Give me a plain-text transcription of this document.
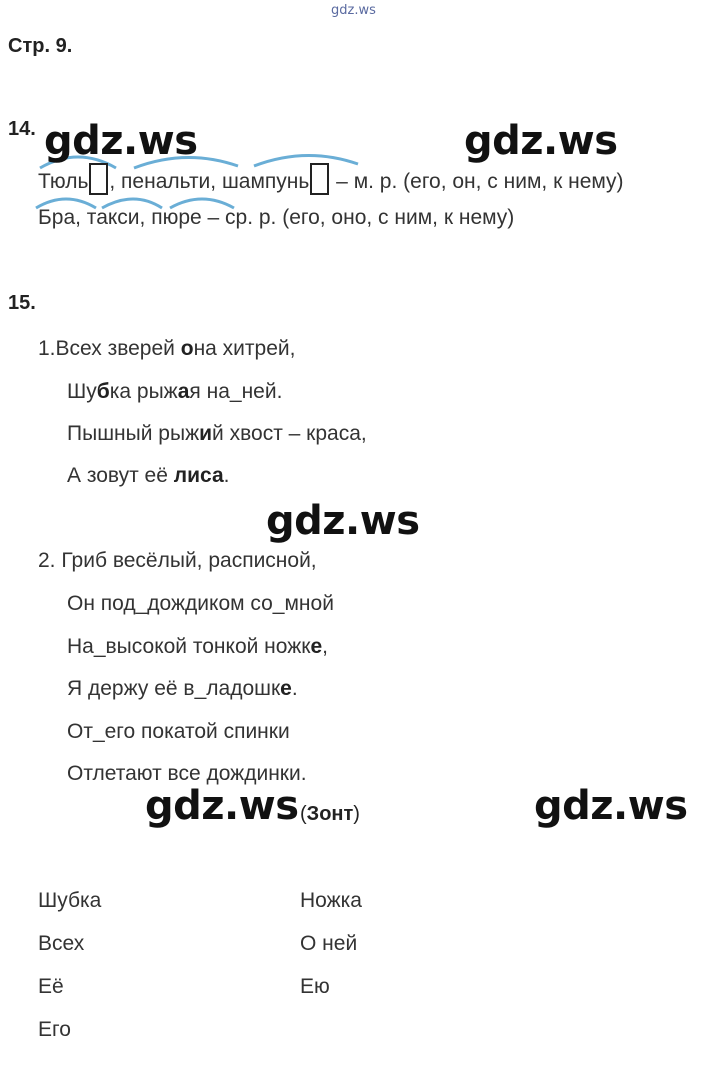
gdz.ws
Стр. 9.
14.
Тюль , пенальти, шампунь – м. р. (его, он, с ним, к нему)
Бра, такси, пюре – ср. р. (его, оно, с ним, к нему)
15.
1.Всех зверей она хитрей,
Шубка рыжая на_ней.
Пышный рыжий хвост – краса,
А зовут её лиса.
2. Гриб весёлый, расписной,
Он под_дождиком со_мной
На_высокой тонкой ножке,
Я держу её в_ладошке.
От_его покатой спинки
Отлетают все дождинки.
(Зонт)
Шубка
Всех
Её
Его
Ножка
О ней
Ею
gdz.ws	gdz.ws
gdz.ws
gdz.ws	gdz.ws
